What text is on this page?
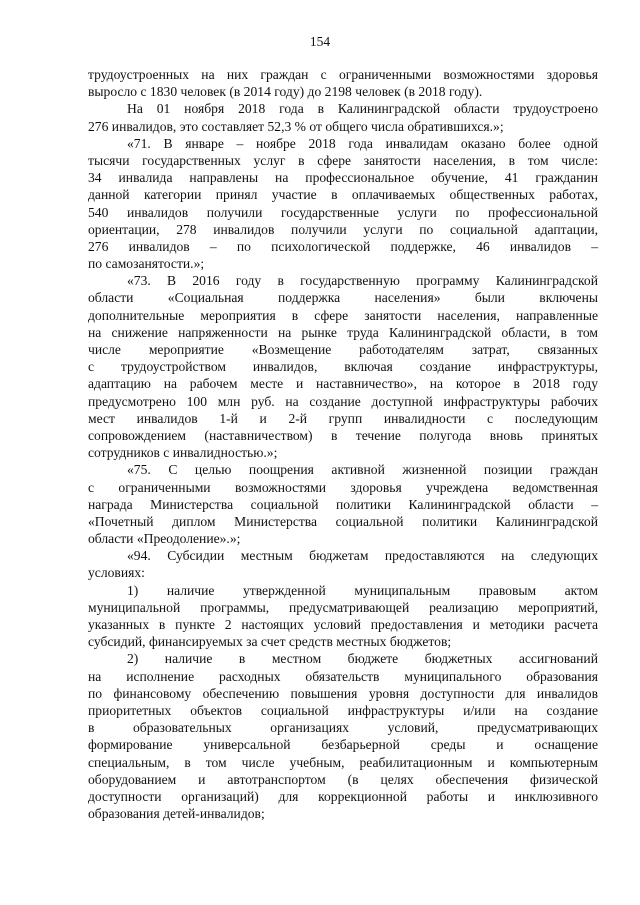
154
трудоустроенных на них граждан с ограниченными возможностями здоровья
выросло с 1830 человек (в 2014 году) до 2198 человек (в 2018 году).
На 01 ноября 2018 года в Калининградской области трудоустроено
276 инвалидов, это составляет 52,3 % от общего числа обратившихся.»;
«71. В январе – ноябре 2018 года инвалидам оказано более одной
тысячи государственных услуг в сфере занятости населения, в том числе:
34 инвалида направлены на профессиональное обучение, 41 гражданин
данной категории принял участие в оплачиваемых общественных работах,
540 инвалидов получили государственные услуги по профессиональной
ориентации, 278 инвалидов получили услуги по социальной адаптации,
276 инвалидов – по психологической поддержке, 46 инвалидов –
по самозанятости.»;
«73. В 2016 году в государственную программу Калининградской
области «Социальная поддержка населения» были включены
дополнительные мероприятия в сфере занятости населения, направленные
на снижение напряженности на рынке труда Калининградской области, в том
числе мероприятие «Возмещение работодателям затрат, связанных
с трудоустройством инвалидов, включая создание инфраструктуры,
адаптацию на рабочем месте и наставничество», на которое в 2018 году
предусмотрено 100 млн руб. на создание доступной инфраструктуры рабочих
мест инвалидов 1-й и 2-й групп инвалидности с последующим
сопровождением (наставничеством) в течение полугода вновь принятых
сотрудников с инвалидностью.»;
«75. С целью поощрения активной жизненной позиции граждан
с ограниченными возможностями здоровья учреждена ведомственная
награда Министерства социальной политики Калининградской области –
«Почетный диплом Министерства социальной политики Калининградской
области «Преодоление».»;
«94. Субсидии местным бюджетам предоставляются на следующих
условиях:
1) наличие утвержденной муниципальным правовым актом
муниципальной программы, предусматривающей реализацию мероприятий,
указанных в пункте 2 настоящих условий предоставления и методики расчета
субсидий, финансируемых за счет средств местных бюджетов;
2) наличие в местном бюджете бюджетных ассигнований
на исполнение расходных обязательств муниципального образования
по финансовому обеспечению повышения уровня доступности для инвалидов
приоритетных объектов социальной инфраструктуры и/или на создание
в образовательных организациях условий, предусматривающих
формирование универсальной безбарьерной среды и оснащение
специальным, в том числе учебным, реабилитационным и компьютерным
оборудованием и автотранспортом (в целях обеспечения физической
доступности организаций) для коррекционной работы и инклюзивного
образования детей-инвалидов;
